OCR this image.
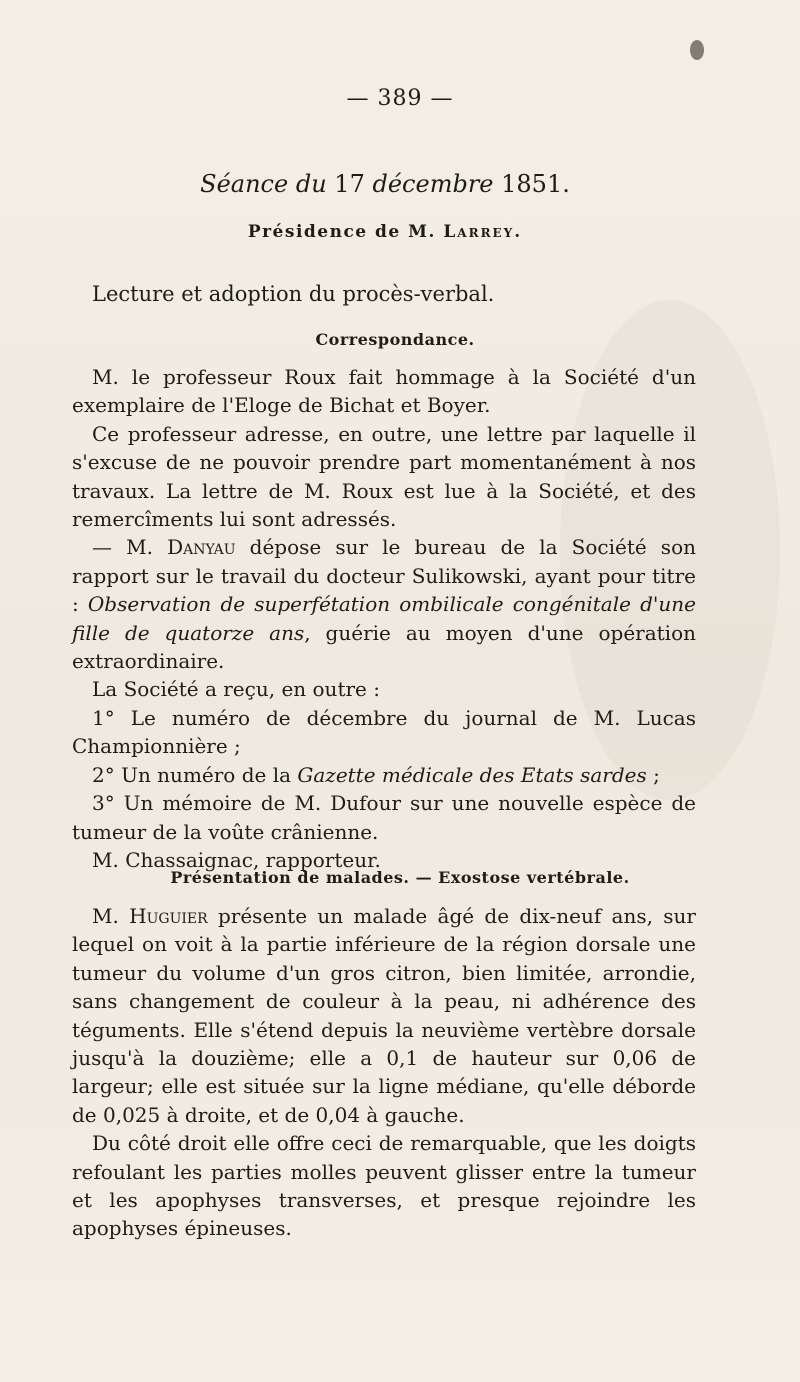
— 389 —
Séance du 17 décembre 1851.
Présidence de M. Larrey.
Lecture et adoption du procès-verbal.
Correspondance.

M. le professeur Roux fait hommage à la Société d'un exemplaire de l'Eloge de Bichat et Boyer.

Ce professeur adresse, en outre, une lettre par laquelle il s'excuse de ne pouvoir prendre part momentanément à nos travaux. La lettre de M. Roux est lue à la Société, et des remercîments lui sont adressés.

— M. Danyau dépose sur le bureau de la Société son rapport sur le travail du docteur Sulikowski, ayant pour titre : Observation de superfétation ombilicale congénitale d'une fille de quatorze ans, guérie au moyen d'une opération extraordinaire.

La Société a reçu, en outre :

1° Le numéro de décembre du journal de M. Lucas Championnière ;

2° Un numéro de la Gazette médicale des Etats sardes ;

3° Un mémoire de M. Dufour sur une nouvelle espèce de tumeur de la voûte crânienne.

M. Chassaignac, rapporteur.

Présentation de malades. — Exostose vertébrale.

M. Huguier présente un malade âgé de dix-neuf ans, sur lequel on voit à la partie inférieure de la région dorsale une tumeur du volume d'un gros citron, bien limitée, arrondie, sans changement de couleur à la peau, ni adhérence des téguments. Elle s'étend depuis la neuvième vertèbre dorsale jusqu'à la douzième; elle a 0,1 de hauteur sur 0,06 de largeur; elle est située sur la ligne médiane, qu'elle déborde de 0,025 à droite, et de 0,04 à gauche.

Du côté droit elle offre ceci de remarquable, que les doigts refoulant les parties molles peuvent glisser entre la tumeur et les apophyses transverses, et presque rejoindre les apophyses épineuses.
